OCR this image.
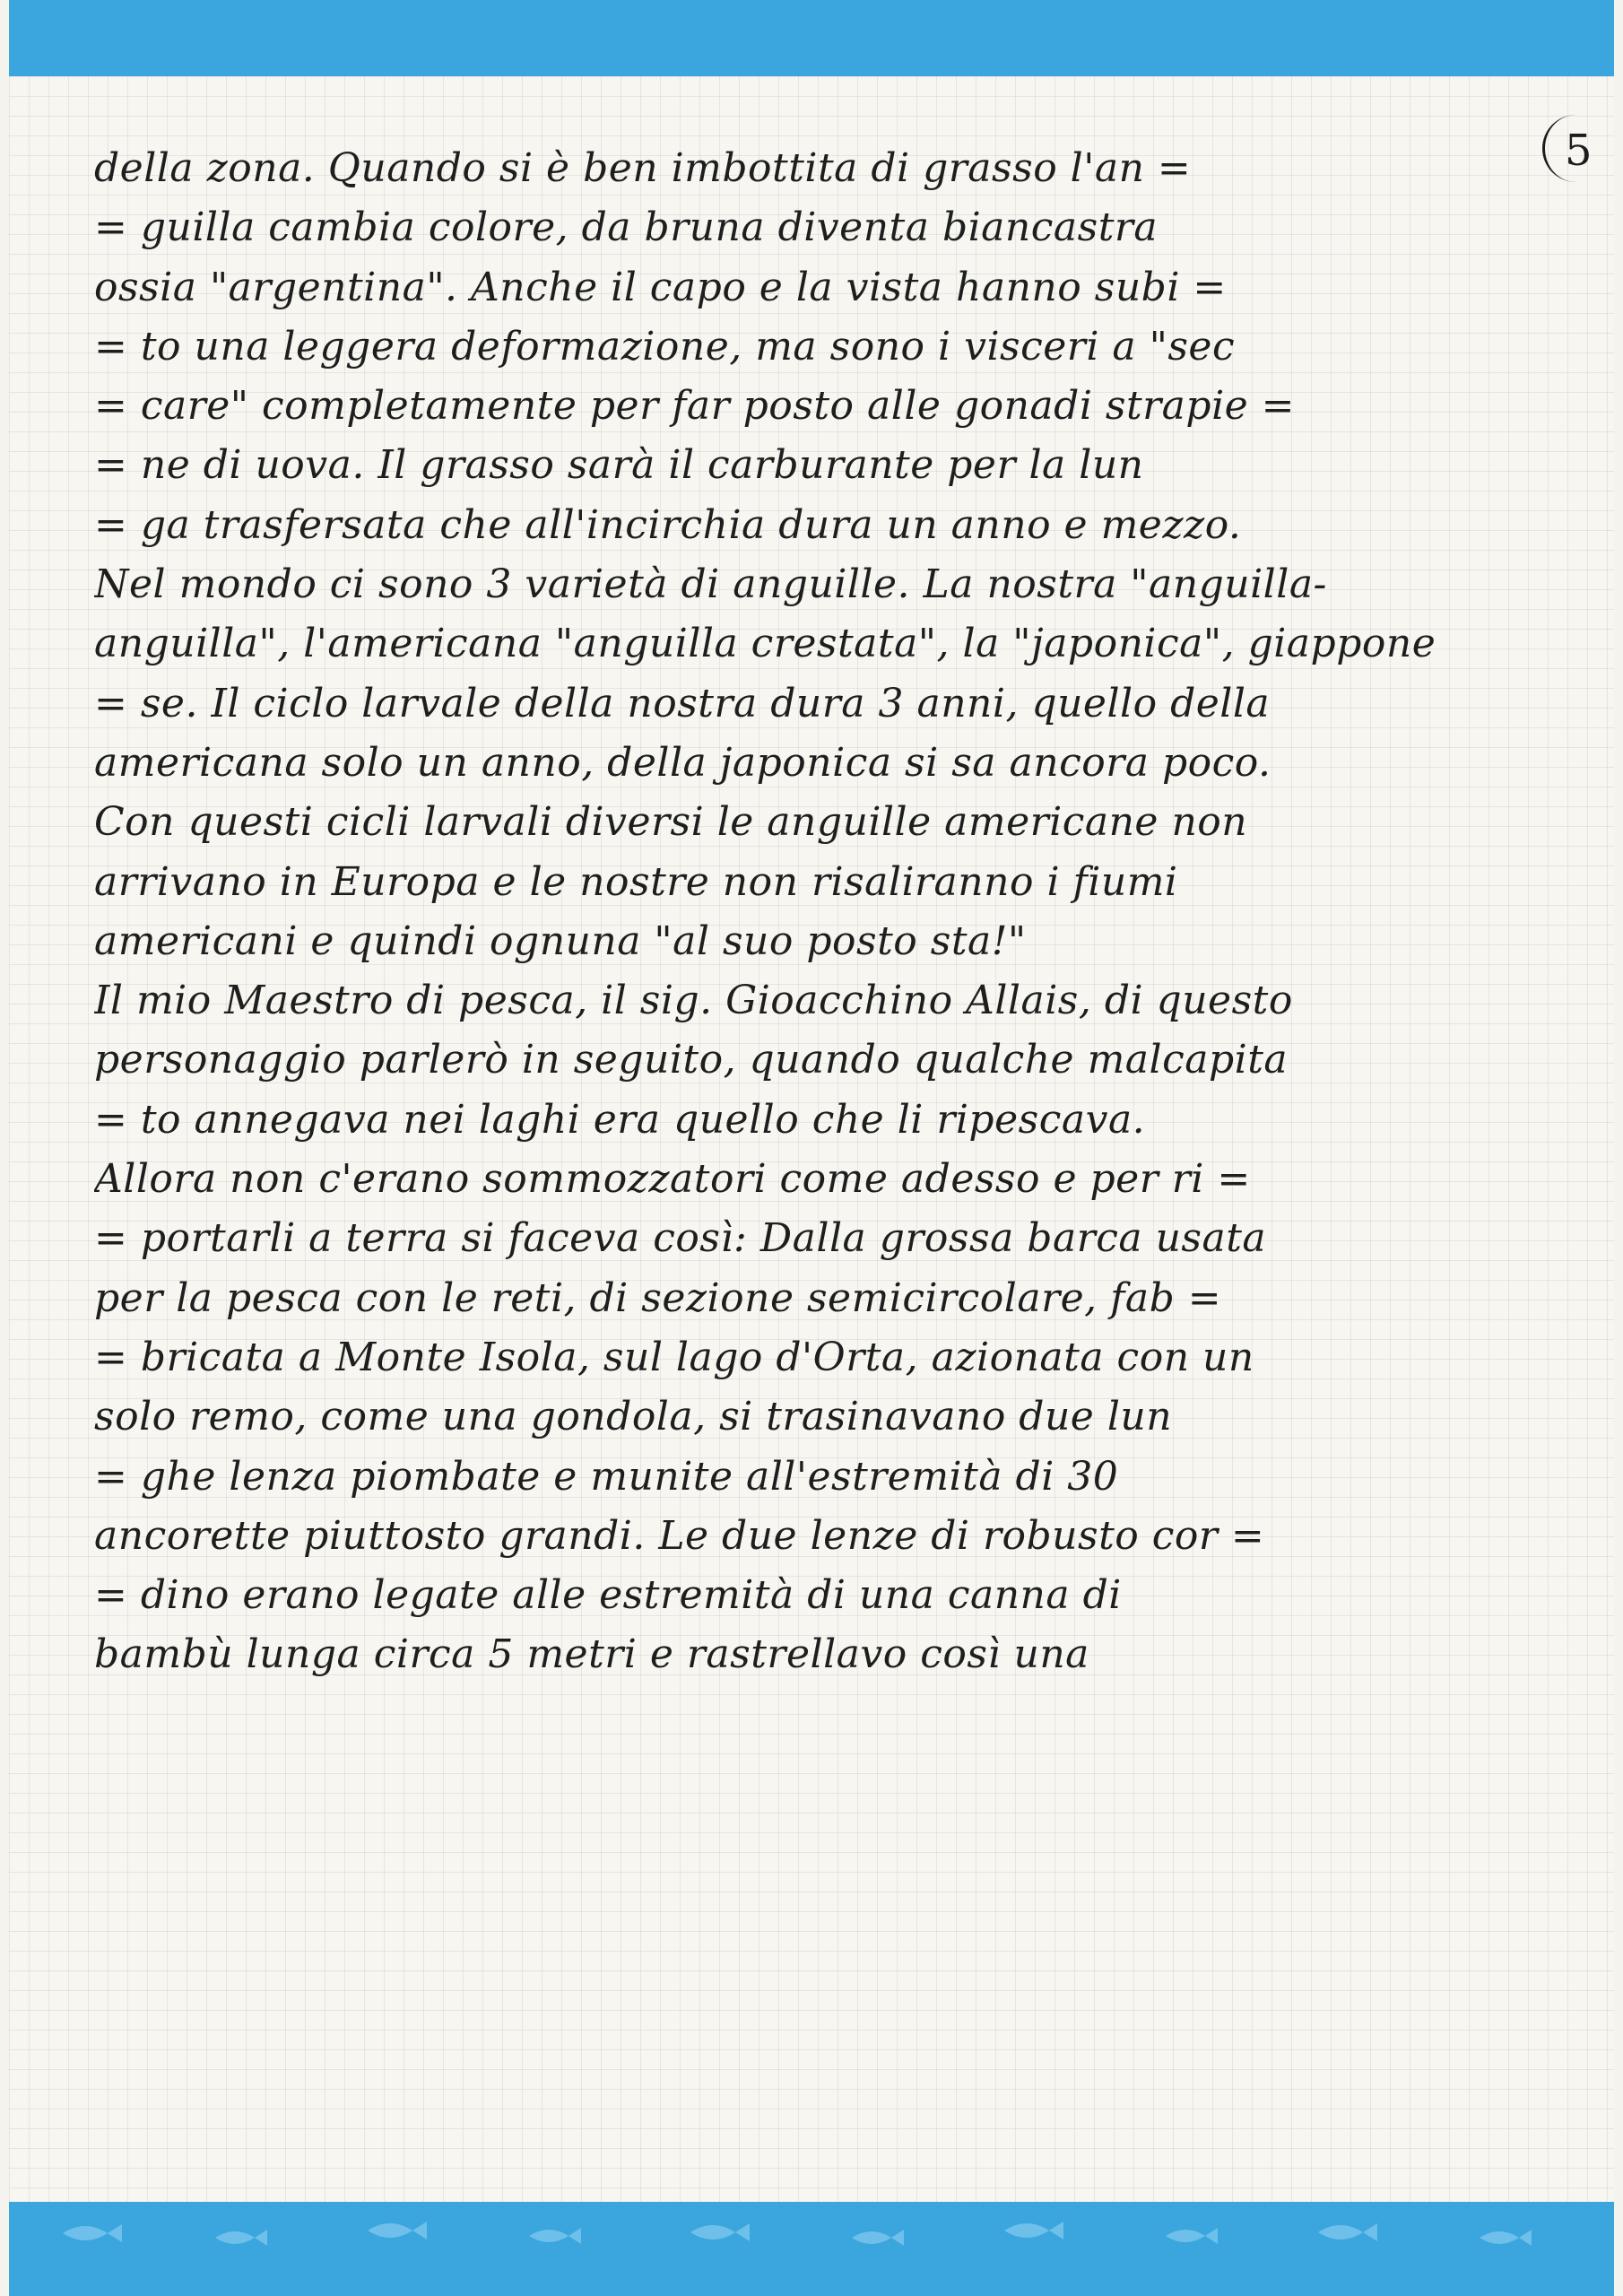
5
della zona. Quando si è ben imbottita di grasso l'an =
= guilla cambia colore, da bruna diventa biancastra
ossia "argentina". Anche il capo e la vista hanno subi =
= to una leggera deformazione, ma sono i visceri a "sec
= care" completamente per far posto alle gonadi strapie =
= ne di uova. Il grasso sarà il carburante per la lun
= ga trasfersata che all'incirchia dura un anno e mezzo.
Nel mondo ci sono 3 varietà di anguille. La nostra "anguilla-
anguilla", l'americana "anguilla crestata", la "japonica", giappone
= se. Il ciclo larvale della nostra dura 3 anni, quello della
americana solo un anno, della japonica si sa ancora poco.
Con questi cicli larvali diversi le anguille americane non
arrivano in Europa e le nostre non risaliranno i fiumi
americani e quindi ognuna "al suo posto sta!"
Il mio Maestro di pesca, il sig. Gioacchino Allais, di questo
personaggio parlerò in seguito, quando qualche malcapita
= to annegava nei laghi era quello che li ripescava.
Allora non c'erano sommozzatori come adesso e per ri =
= portarli a terra si faceva così: Dalla grossa barca usata
per la pesca con le reti, di sezione semicircolare, fab =
= bricata a Monte Isola, sul lago d'Orta, azionata con un
solo remo, come una gondola, si trasinavano due lun
= ghe lenza piombate e munite all'estremità di 30
ancorette piuttosto grandi. Le due lenze di robusto cor =
= dino erano legate alle estremità di una canna di
bambù lunga circa 5 metri e rastrellavo così una
